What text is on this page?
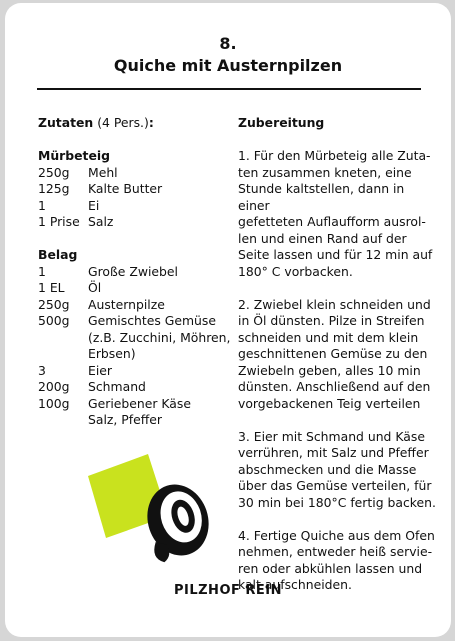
8.
Quiche mit Austernpilzen
Zutaten (4 Pers.):
Mürbeteig
250g	Mehl
125g	Kalte Butter
1	Ei
1 Prise Salz
Belag
1	Große Zwiebel
1 EL	Öl
250g	Austernpilze
500g	Gemischtes Gemüse
(z.B. Zucchini, Möhren,
Erbsen)
3	Eier
200g	Schmand
100g	Geriebener Käse
Salz, Pfeffer
Zubereitung
1. Für den Mürbeteig alle Zuta-
ten zusammen kneten, eine
Stunde kaltstellen, dann in einer
gefetteten Auflaufform ausrol-
len und einen Rand auf der
Seite lassen und für 12 min auf
180° C vorbacken.
2. Zwiebel klein schneiden und
in Öl dünsten. Pilze in Streifen
schneiden und mit dem klein
geschnittenen Gemüse zu den
Zwiebeln geben, alles 10 min
dünsten. Anschließend auf den
vorgebackenen Teig verteilen
3. Eier mit Schmand und Käse
verrühren, mit Salz und Pfeffer
abschmecken und die Masse
über das Gemüse verteilen, für
30 min bei 180°C fertig backen.
4. Fertige Quiche aus dem Ofen
nehmen, entweder heiß servie-
ren oder abkühlen lassen und
kalt aufschneiden.
PILZHOF REIN
